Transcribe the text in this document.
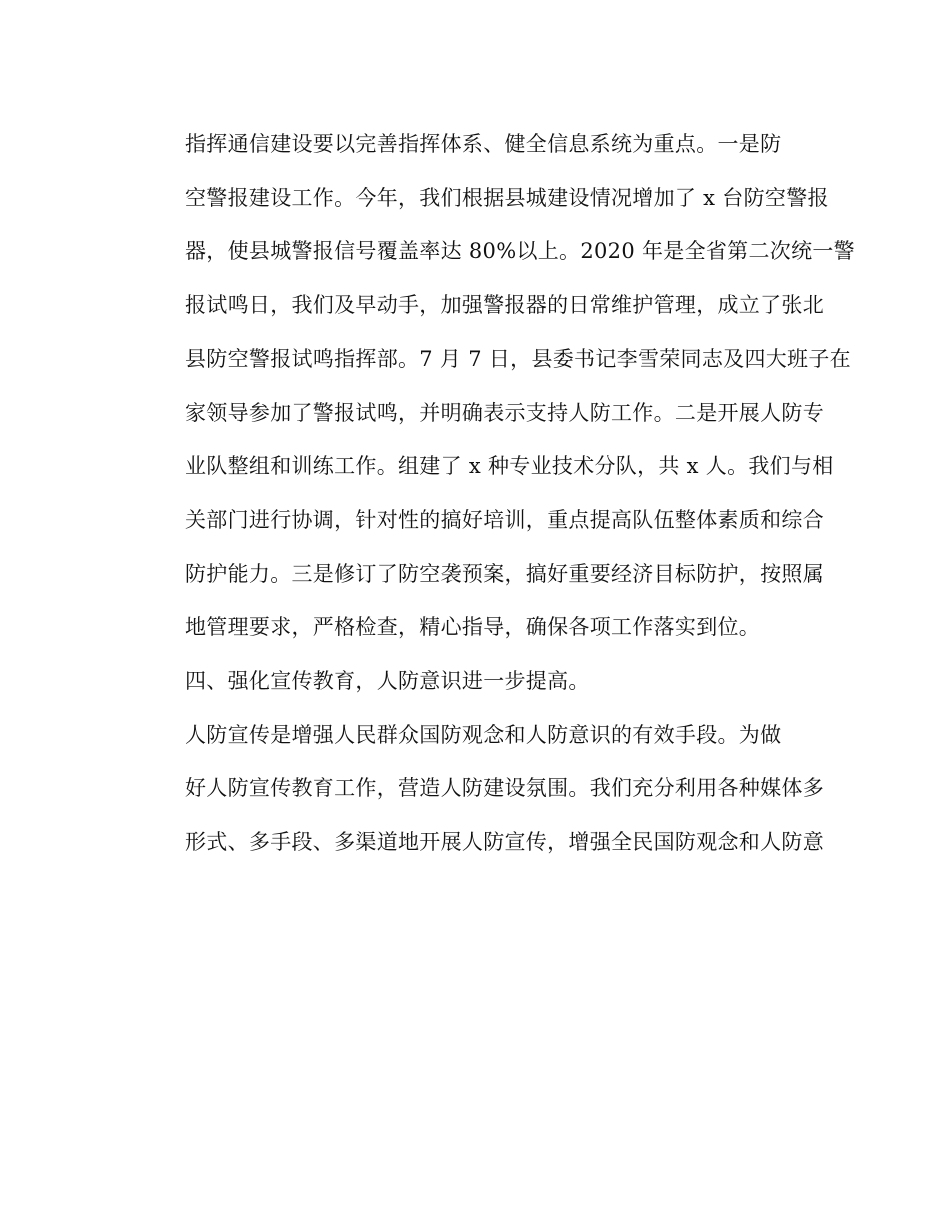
指挥通信建设要以完善指挥体系、健全信息系统为重点。一是防
空警报建设工作。今年，我们根据县城建设情况增加了 x 台防空警报
器，使县城警报信号覆盖率达 80%以上。2020 年是全省第二次统一警
报试鸣日，我们及早动手，加强警报器的日常维护管理，成立了张北
县防空警报试鸣指挥部。7 月 7 日，县委书记李雪荣同志及四大班子在
家领导参加了警报试鸣，并明确表示支持人防工作。二是开展人防专
业队整组和训练工作。组建了 x 种专业技术分队，共 x 人。我们与相
关部门进行协调，针对性的搞好培训，重点提高队伍整体素质和综合
防护能力。三是修订了防空袭预案，搞好重要经济目标防护，按照属
地管理要求，严格检查，精心指导，确保各项工作落实到位。

四、强化宣传教育，人防意识进一步提高。

人防宣传是增强人民群众国防观念和人防意识的有效手段。为做
好人防宣传教育工作，营造人防建设氛围。我们充分利用各种媒体多
形式、多手段、多渠道地开展人防宣传，增强全民国防观念和人防意
